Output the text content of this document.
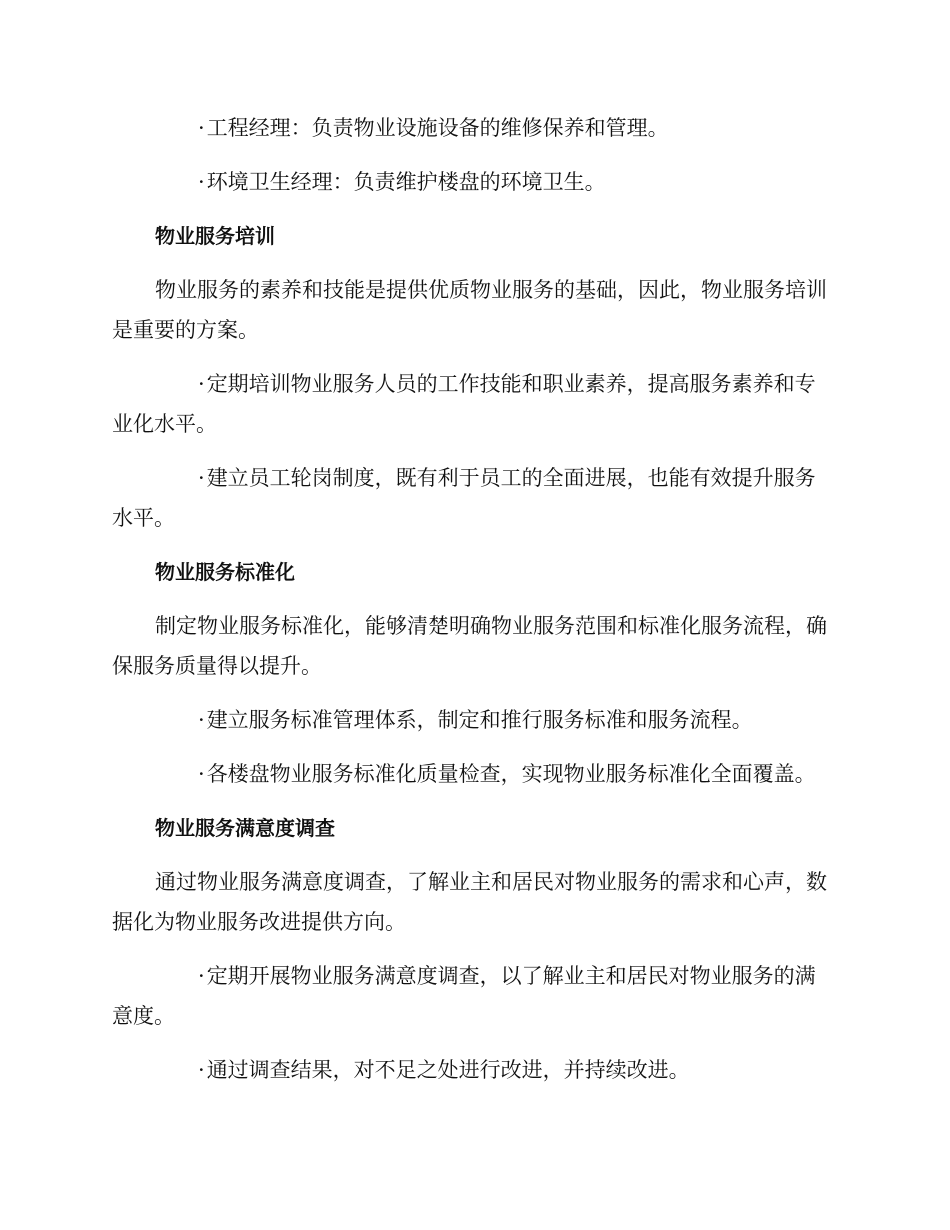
·工程经理：负责物业设施设备的维修保养和管理。

·环境卫生经理：负责维护楼盘的环境卫生。

物业服务培训

物业服务的素养和技能是提供优质物业服务的基础，因此，物业服务培训是重要的方案。

·定期培训物业服务人员的工作技能和职业素养，提高服务素养和专业化水平。

·建立员工轮岗制度，既有利于员工的全面进展，也能有效提升服务水平。

物业服务标准化

制定物业服务标准化，能够清楚明确物业服务范围和标准化服务流程，确保服务质量得以提升。

·建立服务标准管理体系，制定和推行服务标准和服务流程。

·各楼盘物业服务标准化质量检查，实现物业服务标准化全面覆盖。

物业服务满意度调查

通过物业服务满意度调查，了解业主和居民对物业服务的需求和心声，数据化为物业服务改进提供方向。

·定期开展物业服务满意度调查，以了解业主和居民对物业服务的满意度。

·通过调查结果，对不足之处进行改进，并持续改进。
